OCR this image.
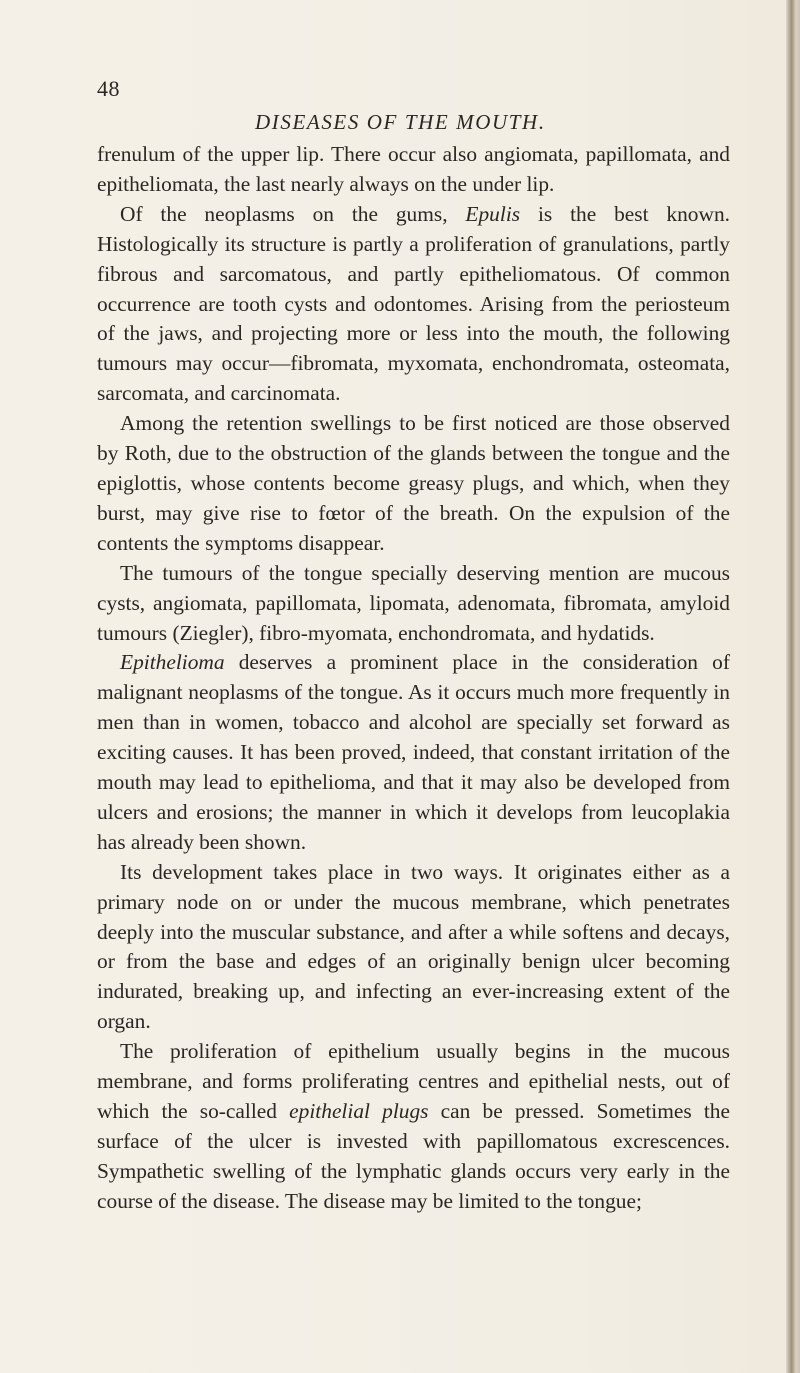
48
DISEASES OF THE MOUTH.

frenulum of the upper lip. There occur also angiomata, papillomata, and epitheliomata, the last nearly always on the under lip.

Of the neoplasms on the gums, Epulis is the best known. Histologically its structure is partly a proliferation of granulations, partly fibrous and sarcomatous, and partly epitheliomatous. Of common occurrence are tooth cysts and odontomes. Arising from the periosteum of the jaws, and projecting more or less into the mouth, the following tumours may occur—fibromata, myxomata, enchondromata, osteomata, sarcomata, and carcinomata.

Among the retention swellings to be first noticed are those observed by Roth, due to the obstruction of the glands between the tongue and the epiglottis, whose contents become greasy plugs, and which, when they burst, may give rise to fœtor of the breath. On the expulsion of the contents the symptoms disappear.

The tumours of the tongue specially deserving mention are mucous cysts, angiomata, papillomata, lipomata, adenomata, fibromata, amyloid tumours (Ziegler), fibro-myomata, enchondromata, and hydatids.

Epithelioma deserves a prominent place in the consideration of malignant neoplasms of the tongue. As it occurs much more frequently in men than in women, tobacco and alcohol are specially set forward as exciting causes. It has been proved, indeed, that constant irritation of the mouth may lead to epithelioma, and that it may also be developed from ulcers and erosions; the manner in which it develops from leucoplakia has already been shown.

Its development takes place in two ways. It originates either as a primary node on or under the mucous membrane, which penetrates deeply into the muscular substance, and after a while softens and decays, or from the base and edges of an originally benign ulcer becoming indurated, breaking up, and infecting an ever-increasing extent of the organ.

The proliferation of epithelium usually begins in the mucous membrane, and forms proliferating centres and epithelial nests, out of which the so-called epithelial plugs can be pressed. Sometimes the surface of the ulcer is invested with papillomatous excrescences. Sympathetic swelling of the lymphatic glands occurs very early in the course of the disease. The disease may be limited to the tongue;
